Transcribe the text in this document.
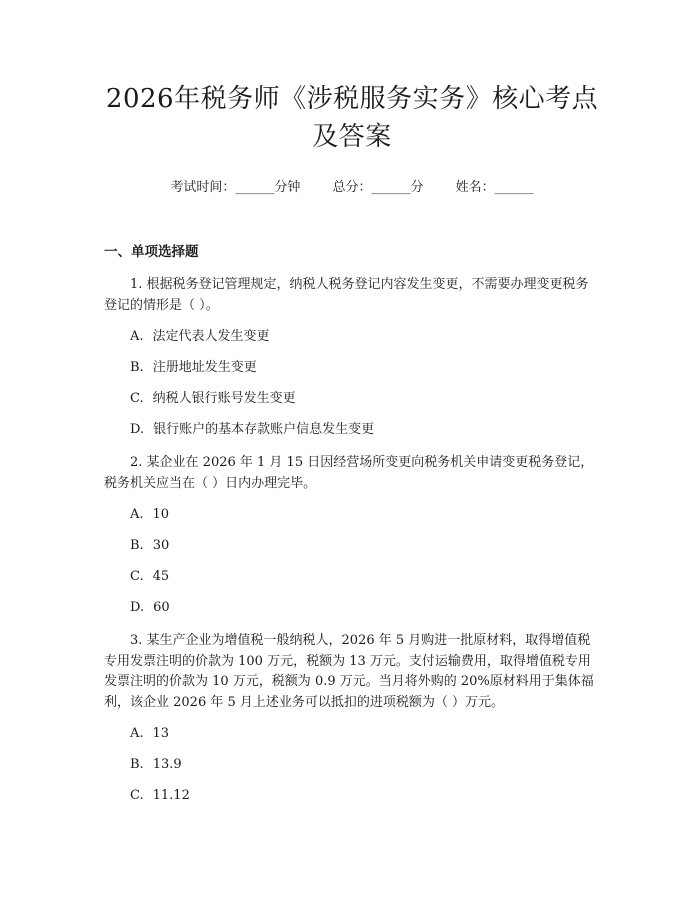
2026年税务师《涉税服务实务》核心考点及答案
考试时间：______分钟 总分：______分 姓名：______
一、单项选择题
1. 根据税务登记管理规定，纳税人税务登记内容发生变更，不需要办理变更税务登记的情形是（ ）。
A. 法定代表人发生变更
B. 注册地址发生变更
C. 纳税人银行账号发生变更
D. 银行账户的基本存款账户信息发生变更
2. 某企业在 2026 年 1 月 15 日因经营场所变更向税务机关申请变更税务登记，税务机关应当在（ ）日内办理完毕。
A. 10
B. 30
C. 45
D. 60
3. 某生产企业为增值税一般纳税人，2026 年 5 月购进一批原材料，取得增值税专用发票注明的价款为 100 万元，税额为 13 万元。支付运输费用，取得增值税专用发票注明的价款为 10 万元，税额为 0.9 万元。当月将外购的 20%原材料用于集体福利，该企业 2026 年 5 月上述业务可以抵扣的进项税额为（ ）万元。
A. 13
B. 13.9
C. 11.12
